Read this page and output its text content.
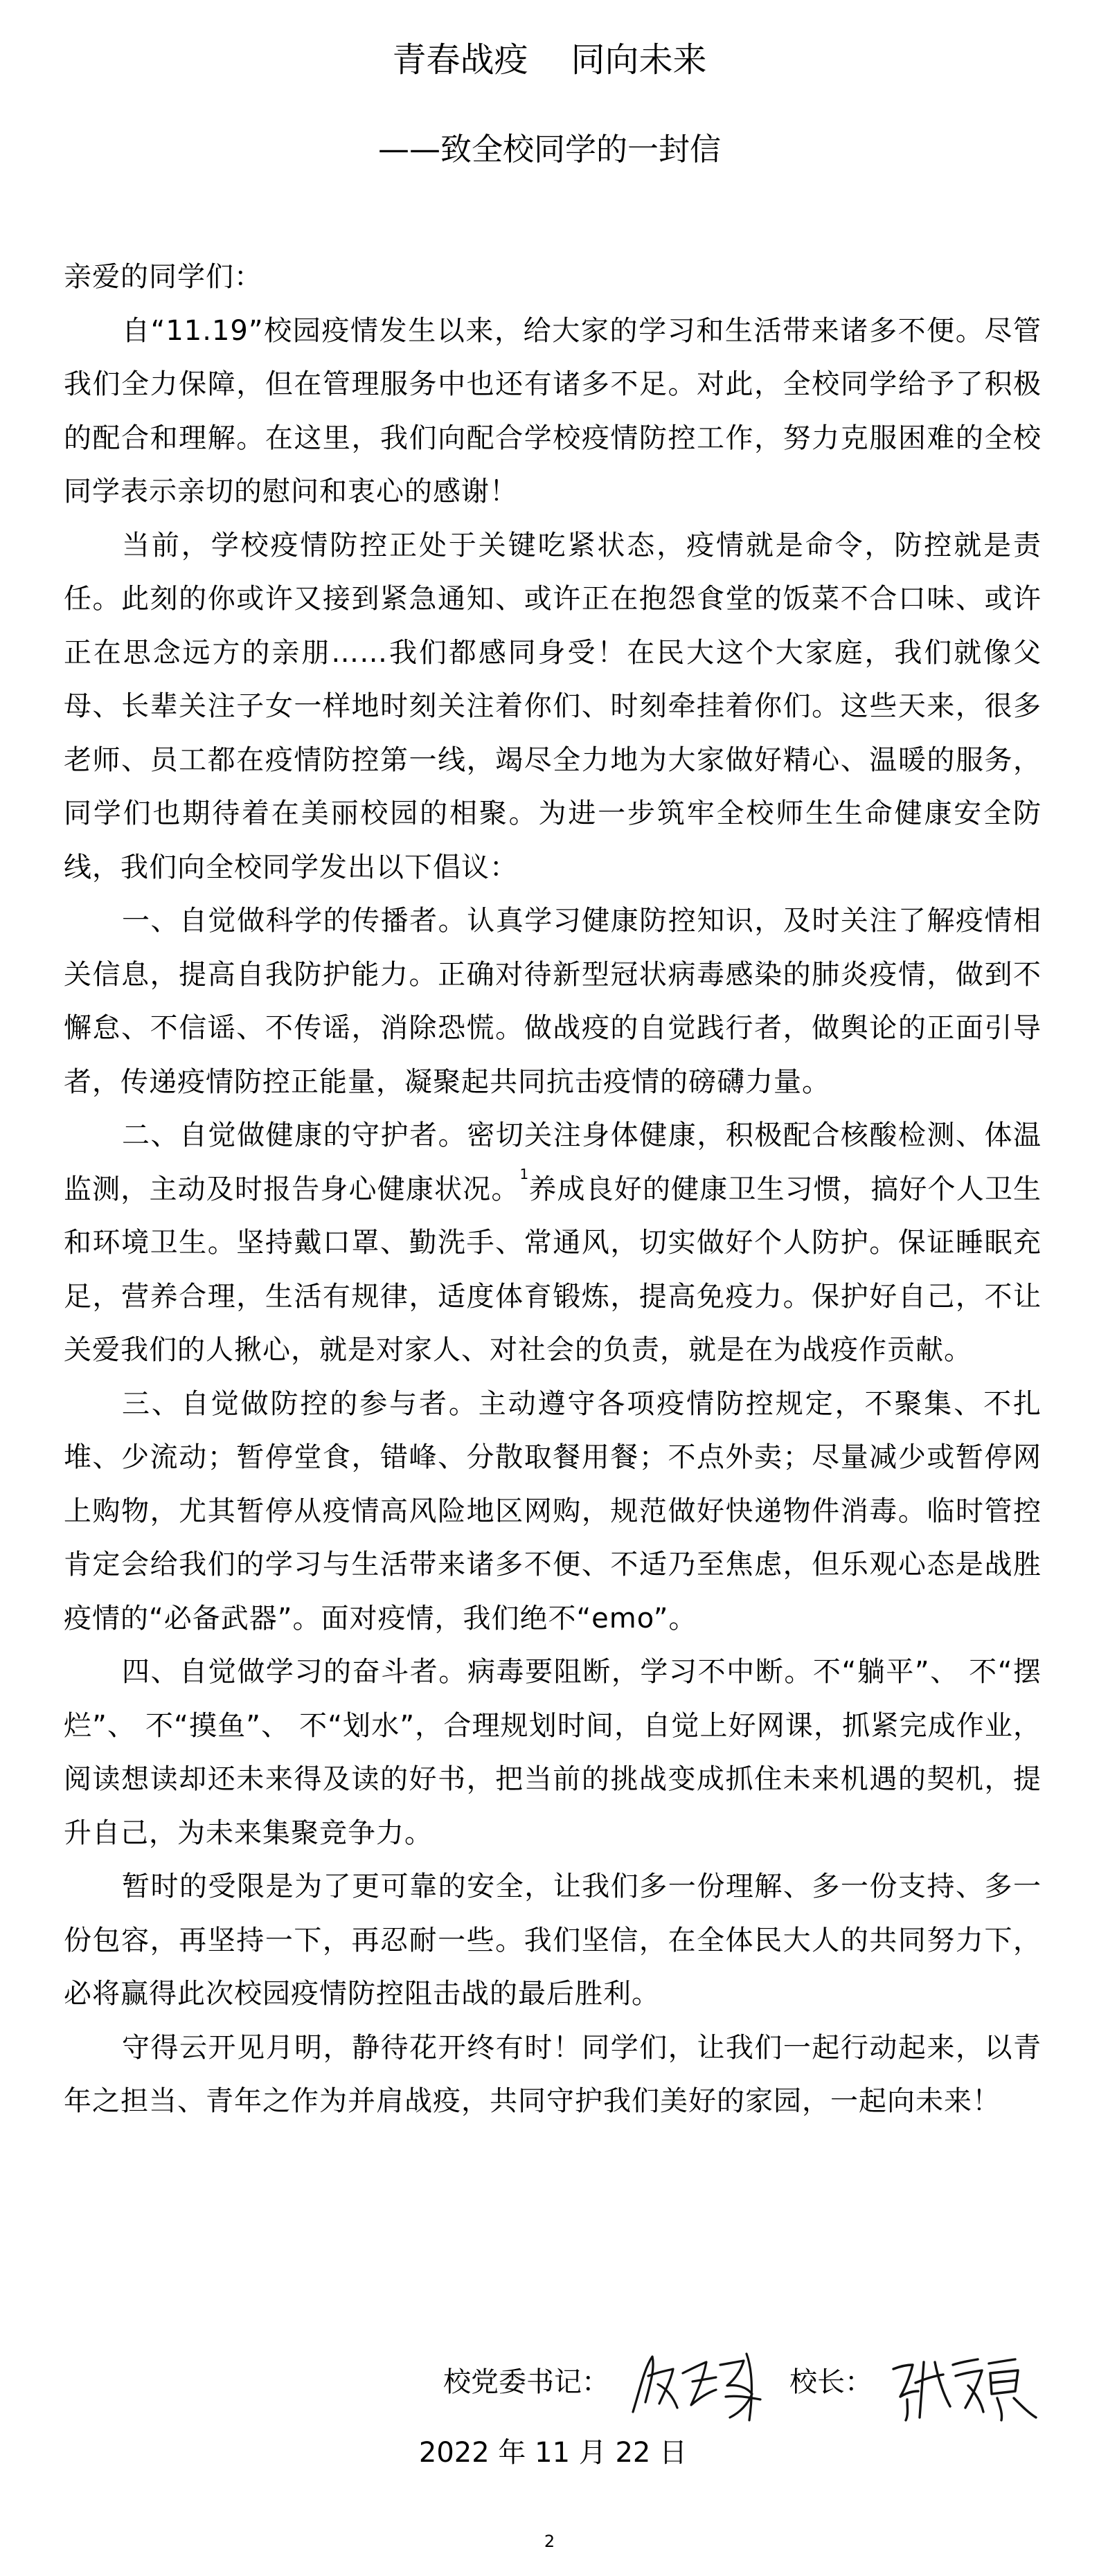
青春战疫 同向未来
——致全校同学的一封信

亲爱的同学们：

自“11.19”校园疫情发生以来，给大家的学习和生活带来诸多不便。尽管我们全力保障，但在管理服务中也还有诸多不足。对此，全校同学给予了积极的配合和理解。在这里，我们向配合学校疫情防控工作，努力克服困难的全校同学表示亲切的慰问和衷心的感谢！

当前，学校疫情防控正处于关键吃紧状态，疫情就是命令，防控就是责任。此刻的你或许又接到紧急通知、或许正在抱怨食堂的饭菜不合口味、或许正在思念远方的亲朋……我们都感同身受！在民大这个大家庭，我们就像父母、长辈关注子女一样地时刻关注着你们、时刻牵挂着你们。这些天来，很多老师、员工都在疫情防控第一线，竭尽全力地为大家做好精心、温暖的服务，同学们也期待着在美丽校园的相聚。为进一步筑牢全校师生生命健康安全防线，我们向全校同学发出以下倡议：

一、自觉做科学的传播者。认真学习健康防控知识，及时关注了解疫情相关信息，提高自我防护能力。正确对待新型冠状病毒感染的肺炎疫情，做到不懈怠、不信谣、不传谣，消除恐慌。做战疫的自觉践行者，做舆论的正面引导者，传递疫情防控正能量，凝聚起共同抗击疫情的磅礴力量。

二、自觉做健康的守护者。密切关注身体健康，积极配合核酸检测、体温监测，主动及时报告身心健康状况。$^1$养成良好的健康卫生习惯，搞好个人卫生和环境卫生。坚持戴口罩、勤洗手、常通风，切实做好个人防护。保证睡眠充足，营养合理，生活有规律，适度体育锻炼，提高免疫力。保护好自己，不让关爱我们的人揪心，就是对家人、对社会的负责，就是在为战疫作贡献。

三、自觉做防控的参与者。主动遵守各项疫情防控规定，不聚集、不扎堆、少流动；暂停堂食，错峰、分散取餐用餐；不点外卖；尽量减少或暂停网上购物，尤其暂停从疫情高风险地区网购，规范做好快递物件消毒。临时管控肯定会给我们的学习与生活带来诸多不便、不适乃至焦虑，但乐观心态是战胜疫情的“必备武器”。面对疫情，我们绝不“emo”。

四、自觉做学习的奋斗者。病毒要阻断，学习不中断。不“躺平”、 不“摆烂”、 不“摸鱼”、 不“划水”，合理规划时间，自觉上好网课，抓紧完成作业，阅读想读却还未来得及读的好书，把当前的挑战变成抓住未来机遇的契机，提升自己，为未来集聚竞争力。

暂时的受限是为了更可靠的安全，让我们多一份理解、多一份支持、多一份包容，再坚持一下，再忍耐一些。我们坚信，在全体民大人的共同努力下，必将赢得此次校园疫情防控阻击战的最后胜利。

守得云开见月明，静待花开终有时！同学们，让我们一起行动起来，以青年之担当、青年之作为并肩战疫，共同守护我们美好的家园，一起向未来！

校党委书记：	校长：
2022 年 11 月 22 日
2
